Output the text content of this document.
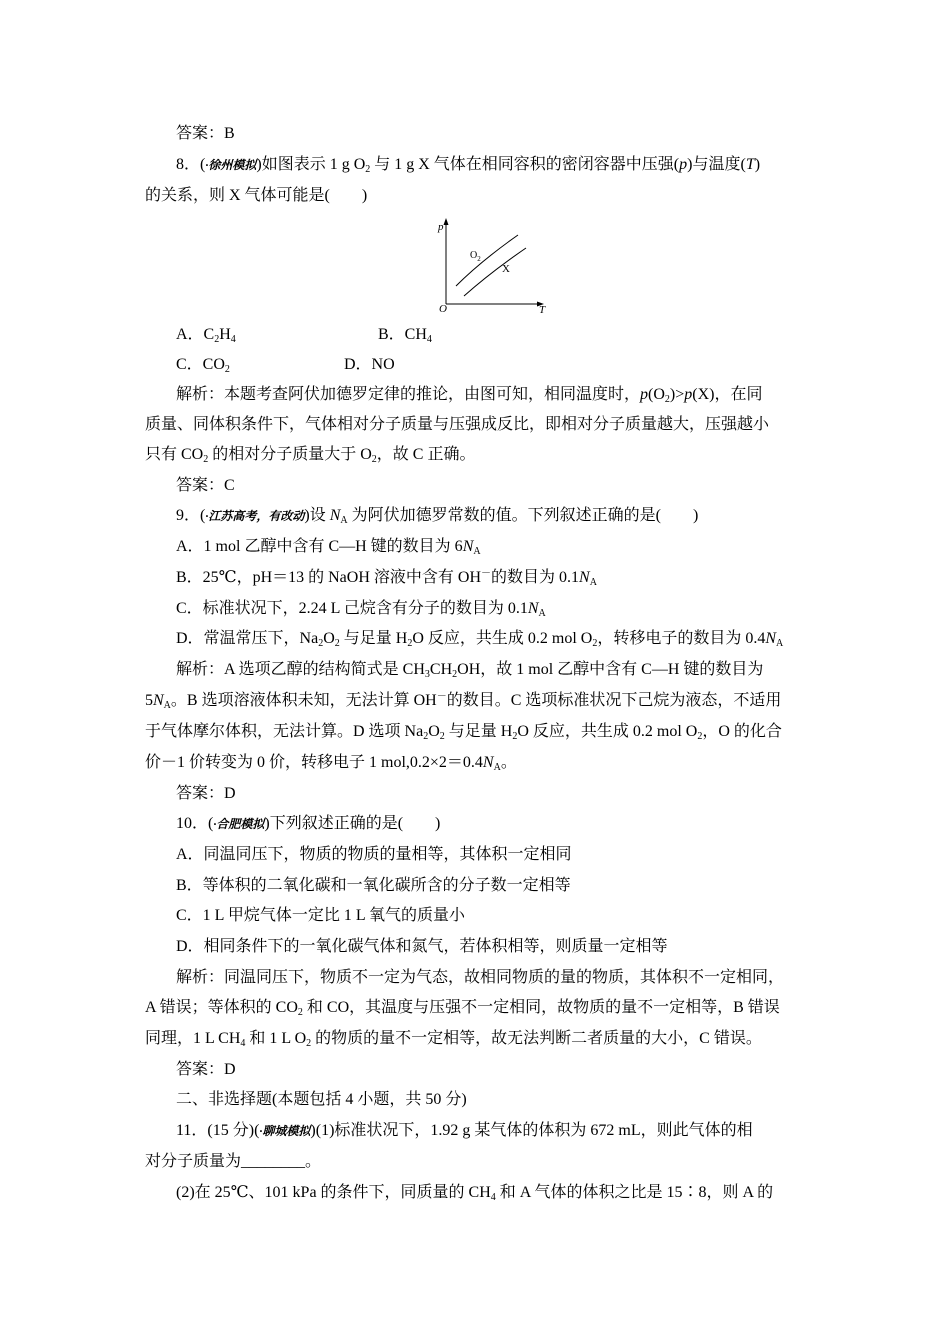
答案：B
8．(·徐州模拟)如图表示 1 g $O_2$ 与 1 g X 气体在相同容积的密闭容器中压强(p)与温度(T)
的关系，则 X 气体可能是(　　)
p
T
O
$O_2$
X
A．$C_2H_4$	B．$CH_4$
C．$CO_2$	D．NO
解析：本题考查阿伏加德罗定律的推论，由图可知，相同温度时，$p(O_2)>p(X)$，在同
质量、同体积条件下，气体相对分子质量与压强成反比，即相对分子质量越大，压强越小
只有 $CO_2$ 的相对分子质量大于 $O_2$，故 C 正确。
答案：C
9．(·江苏高考，有改动)设 $N_A$ 为阿伏加德罗常数的值。下列叙述正确的是(　　)
A．1 mol 乙醇中含有 C—H 键的数目为 $6N_A$
B．25℃，pH＝13 的 NaOH 溶液中含有 OH－的数目为 $0.1N_A$
C．标准状况下，2.24 L 己烷含有分子的数目为 $0.1N_A$
D．常温常压下，$Na_2O_2$ 与足量 $H_2O$ 反应，共生成 0.2 mol $O_2$，转移电子的数目为 $0.4N_A$
解析：A 选项乙醇的结构简式是 $CH_3CH_2OH$，故 1 mol 乙醇中含有 C—H 键的数目为
$5N_A$。B 选项溶液体积未知，无法计算 OH－的数目。C 选项标准状况下己烷为液态，不适用
于气体摩尔体积，无法计算。D 选项 $Na_2O_2$ 与足量 $H_2O$ 反应，共生成 0.2 mol $O_2$，O 的化合
价－1 价转变为 0 价，转移电子 1 $mol,0.2\times 2=0.4N_A$。
答案：D
10．(·合肥模拟)下列叙述正确的是(　　)
A．同温同压下，物质的物质的量相等，其体积一定相同
B．等体积的二氧化碳和一氧化碳所含的分子数一定相等
C．1 L 甲烷气体一定比 1 L 氧气的质量小
D．相同条件下的一氧化碳气体和氮气，若体积相等，则质量一定相等
解析：同温同压下，物质不一定为气态，故相同物质的量的物质，其体积不一定相同，
A 错误；等体积的 $CO_2$ 和 CO，其温度与压强不一定相同，故物质的量不一定相等，B 错误
同理，1 L $CH_4$ 和 1 L $O_2$ 的物质的量不一定相等，故无法判断二者质量的大小，C 错误。
答案：D
二、非选择题(本题包括 4 小题，共 50 分)
11．(15 分)(·聊城模拟)(1)标准状况下，1.92 g 某气体的体积为 672 mL，则此气体的相
对分子质量为________。
(2)在 25℃、101 kPa 的条件下，同质量的 $CH_4$ 和 A 气体的体积之比是 15∶8，则 A 的
